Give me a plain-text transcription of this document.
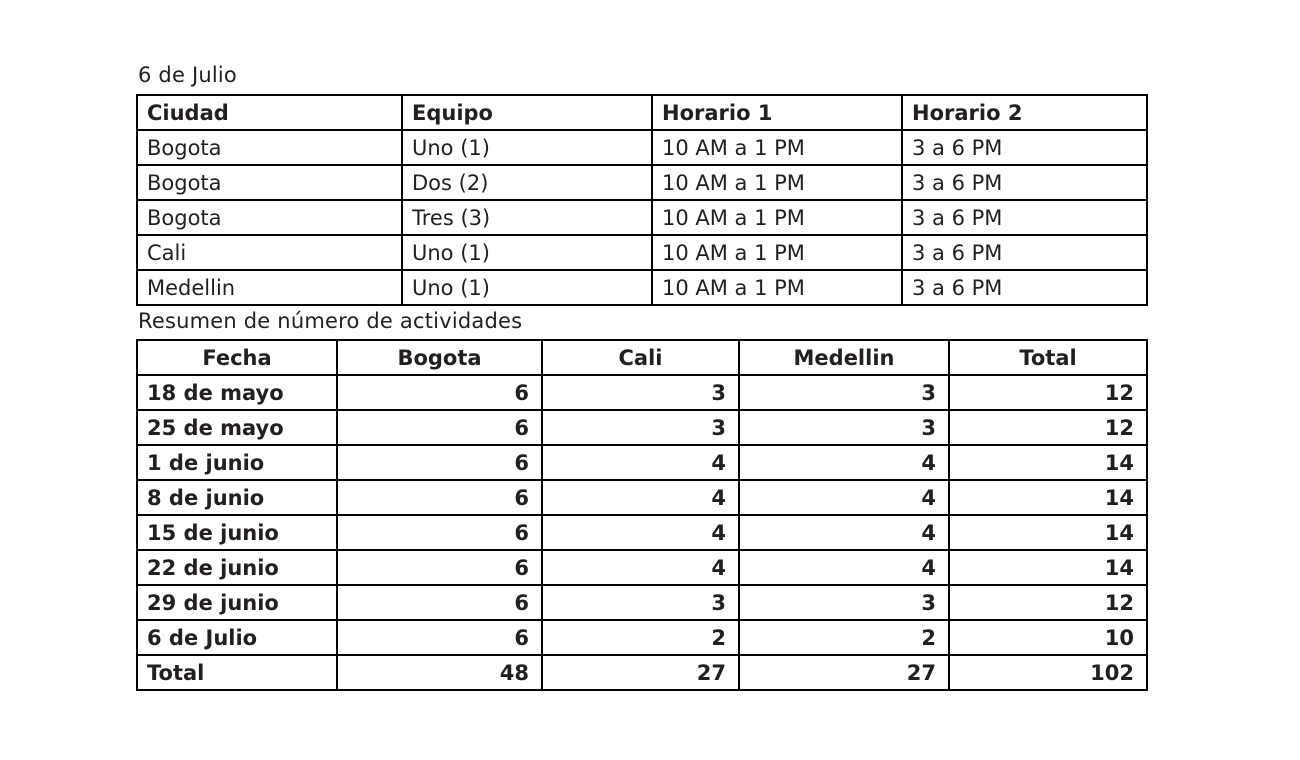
6 de Julio

Ciudad	Equipo	Horario 1	Horario 2
Bogota	Uno (1)	10 AM a 1 PM	3 a 6 PM
Bogota	Dos (2)	10 AM a 1 PM	3 a 6 PM
Bogota	Tres (3)	10 AM a 1 PM	3 a 6 PM
Cali	Uno (1)	10 AM a 1 PM	3 a 6 PM
Medellin	Uno (1)	10 AM a 1 PM	3 a 6 PM

Resumen de número de actividades

Fecha	Bogota	Cali	Medellin	Total
18 de mayo	6	3	3	12
25 de mayo	6	3	3	12
1 de junio	6	4	4	14
8 de junio	6	4	4	14
15 de junio	6	4	4	14
22 de junio	6	4	4	14
29 de junio	6	3	3	12
6 de Julio	6	2	2	10
Total	48	27	27	102
